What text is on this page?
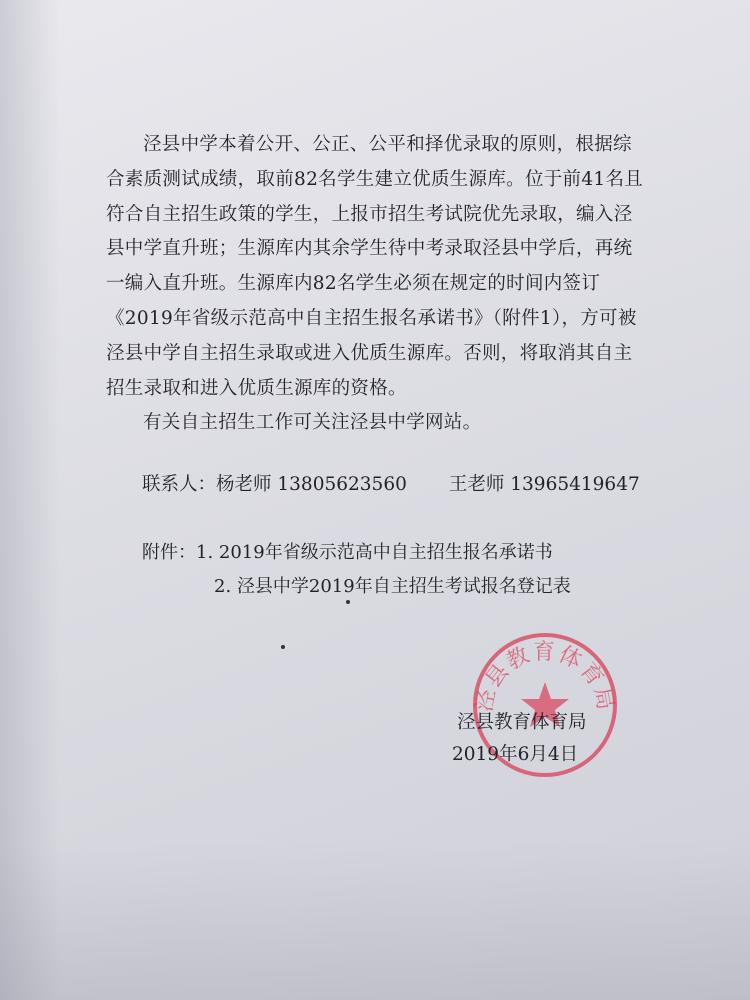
泾县中学本着公开、公正、公平和择优录取的原则，根据综合素质测试成绩，取前82名学生建立优质生源库。位于前41名且符合自主招生政策的学生，上报市招生考试院优先录取，编入泾县中学直升班；生源库内其余学生待中考录取泾县中学后，再统一编入直升班。生源库内82名学生必须在规定的时间内签订《2019年省级示范高中自主招生报名承诺书》（附件1），方可被泾县中学自主招生录取或进入优质生源库。否则，将取消其自主招生录取和进入优质生源库的资格。

有关自主招生工作可关注泾县中学网站。

联系人：杨老师 13805623560 王老师 13965419647
附件：1. 2019年省级示范高中自主招生报名承诺书
2. 泾县中学2019年自主招生考试报名登记表
泾县教育体育局
泾县教育体育局
2019年6月4日
